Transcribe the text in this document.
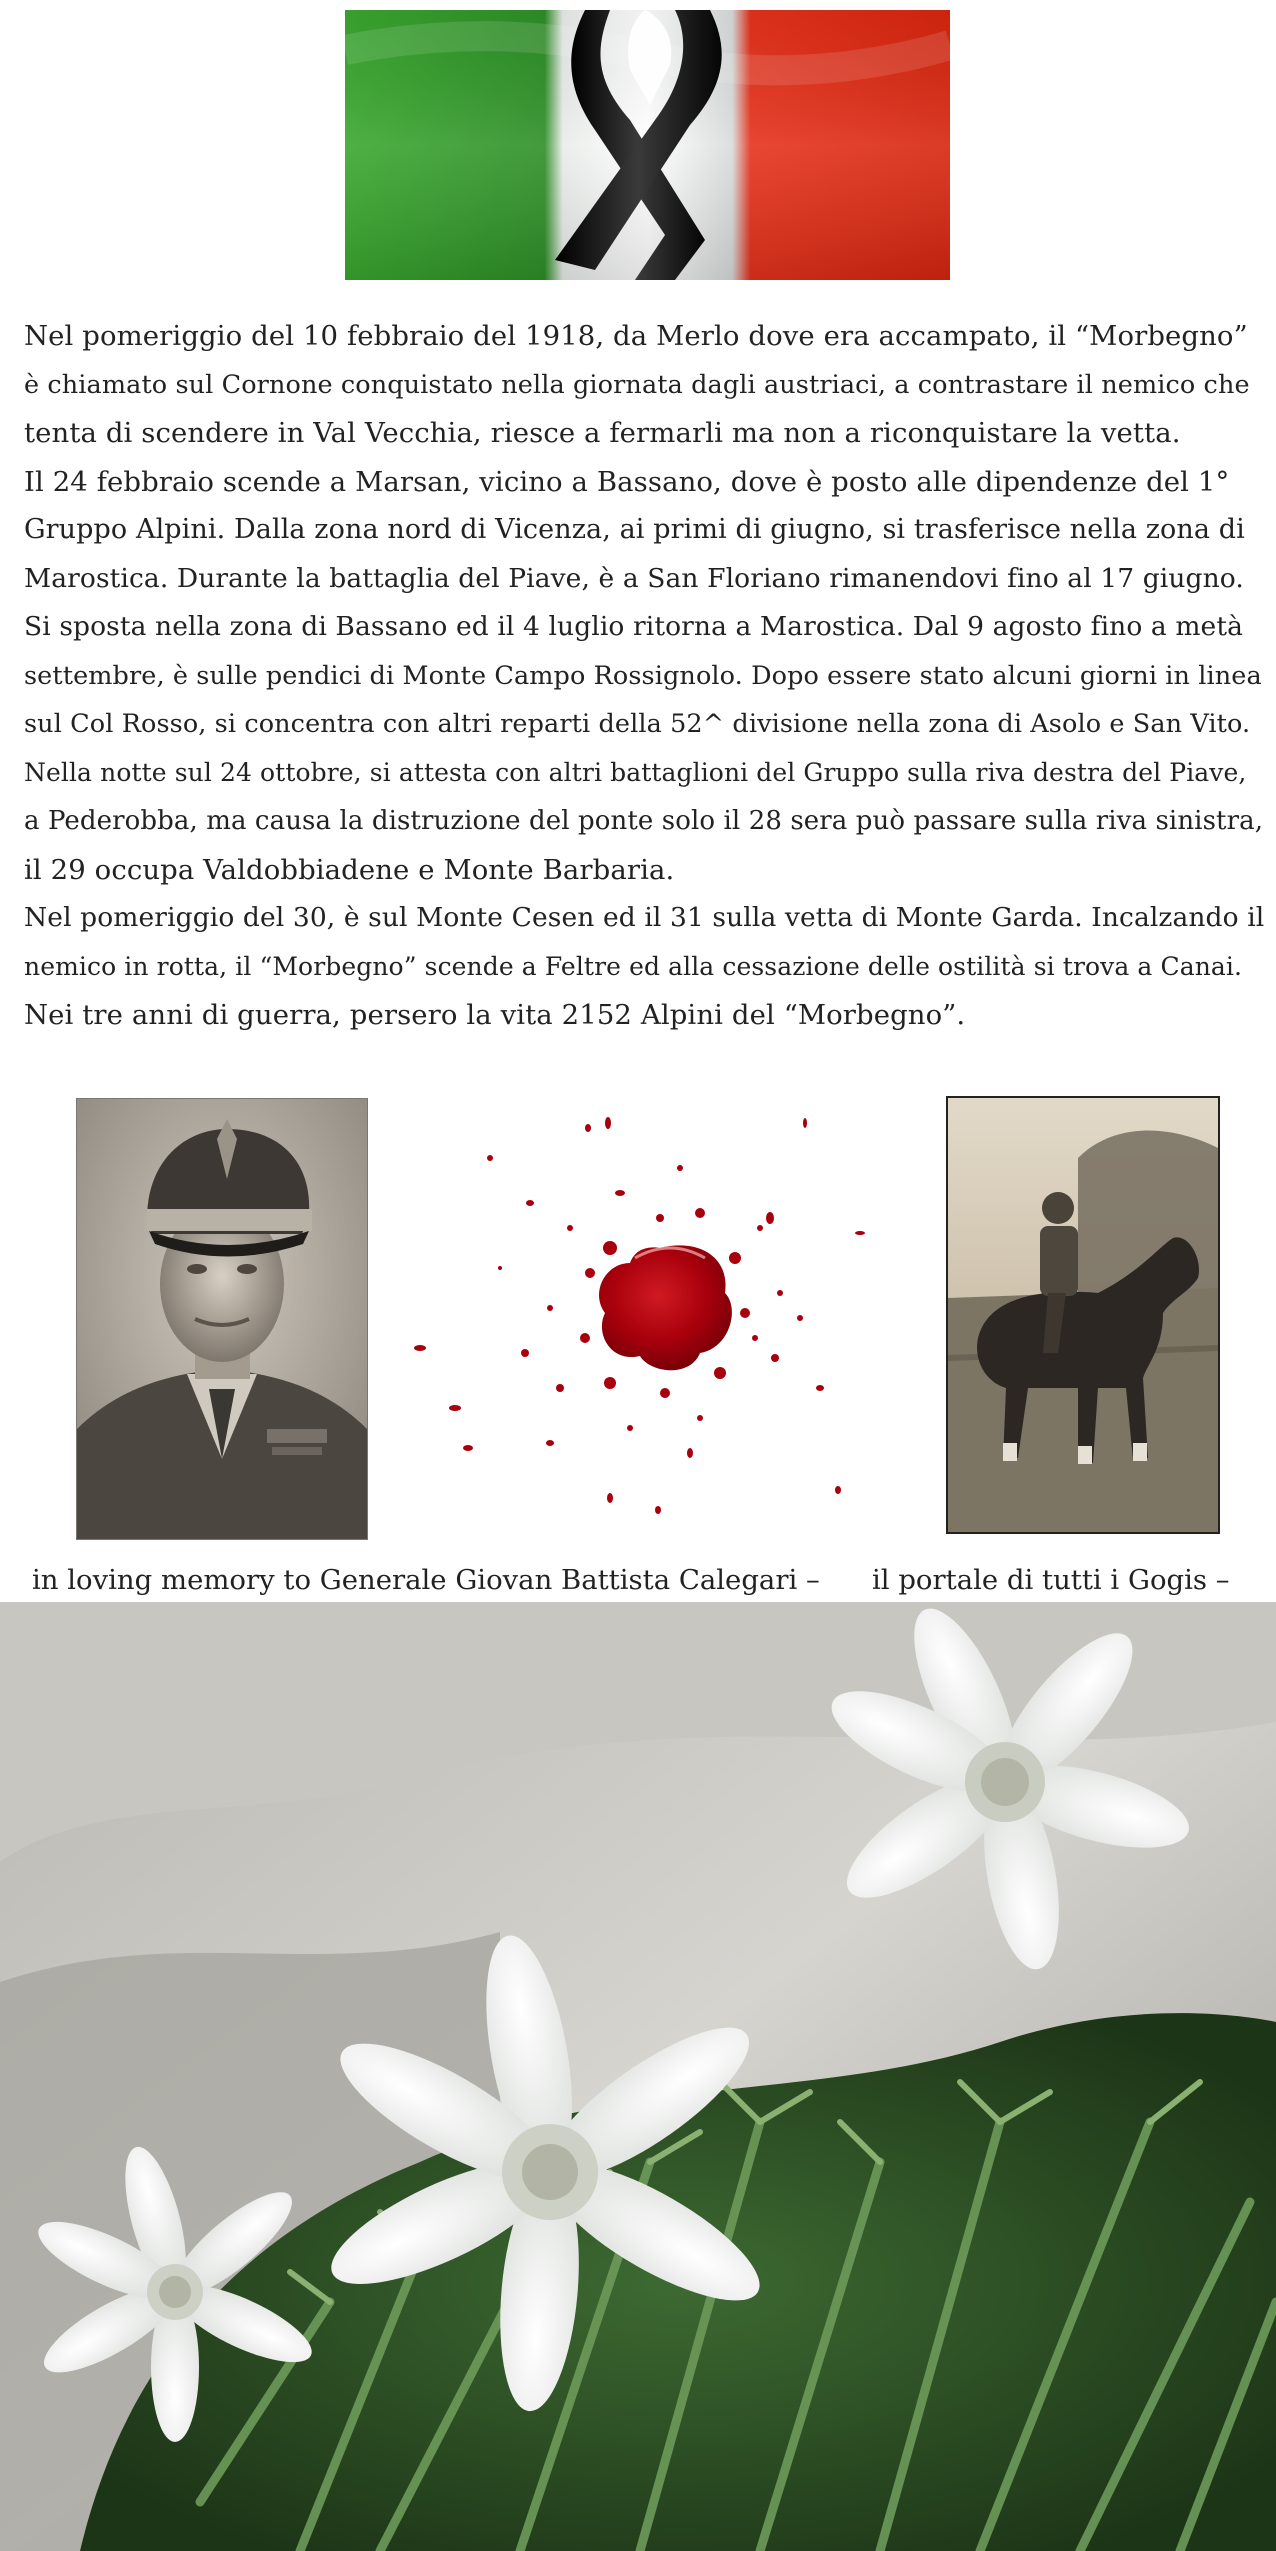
Nel pomeriggio del 10 febbraio del 1918, da Merlo dove era accampato, il “Morbegno”

è chiamato sul Cornone conquistato nella giornata dagli austriaci, a contrastare il nemico che

tenta di scendere in Val Vecchia, riesce a fermarli ma non a riconquistare la vetta.

Il 24 febbraio scende a Marsan, vicino a Bassano, dove è posto alle dipendenze del 1°

Gruppo Alpini. Dalla zona nord di Vicenza, ai primi di giugno, si trasferisce nella zona di

Marostica. Durante la battaglia del Piave, è a San Floriano rimanendovi fino al 17 giugno.

Si sposta nella zona di Bassano ed il 4 luglio ritorna a Marostica. Dal 9 agosto fino a metà

settembre, è sulle pendici di Monte Campo Rossignolo. Dopo essere stato alcuni giorni in linea

sul Col Rosso, si concentra con altri reparti della 52^ divisione nella zona di Asolo e San Vito.

Nella notte sul 24 ottobre, si attesta con altri battaglioni del Gruppo sulla riva destra del Piave,

a Pederobba, ma causa la distruzione del ponte solo il 28 sera può passare sulla riva sinistra,

il 29 occupa Valdobbiadene e Monte Barbaria.

Nel pomeriggio del 30, è sul Monte Cesen ed il 31 sulla vetta di Monte Garda. Incalzando il

nemico in rotta, il “Morbegno” scende a Feltre ed alla cessazione delle ostilità si trova a Canai.

Nei tre anni di guerra, persero la vita 2152 Alpini del “Morbegno”.

in loving memory to Generale Giovan Battista Calegari – il portale di tutti i Gogis –
